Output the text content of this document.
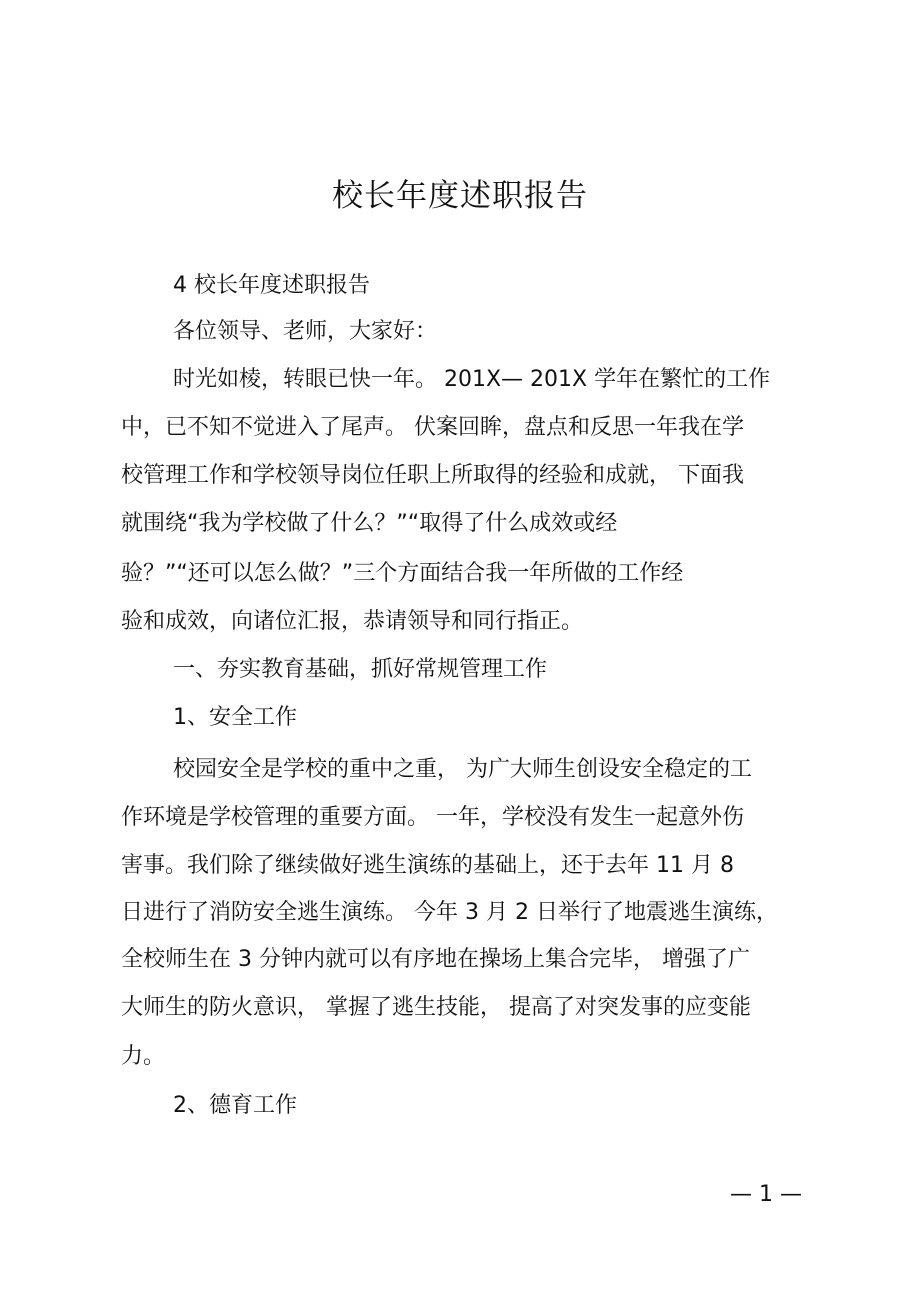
校长年度述职报告
4 校长年度述职报告
各位领导、老师，大家好：
时光如棱，转眼已快一年。 201X— 201X 学年在繁忙的工作
中，已不知不觉进入了尾声。 伏案回眸，盘点和反思一年我在学
校管理工作和学校领导岗位任职上所取得的经验和成就， 下面我
就围绕“我为学校做了什么？”“取得了什么成效或经
验？”“还可以怎么做？”三个方面结合我一年所做的工作经
验和成效，向诸位汇报，恭请领导和同行指正。
一、夯实教育基础，抓好常规管理工作
1、安全工作
校园安全是学校的重中之重， 为广大师生创设安全稳定的工
作环境是学校管理的重要方面。 一年，学校没有发生一起意外伤
害事。我们除了继续做好逃生演练的基础上，还于去年 11 月 8
日进行了消防安全逃生演练。 今年 3 月 2 日举行了地震逃生演练，
全校师生在 3 分钟内就可以有序地在操场上集合完毕， 增强了广
大师生的防火意识， 掌握了逃生技能， 提高了对突发事的应变能
力。
2、德育工作
— 1 —
